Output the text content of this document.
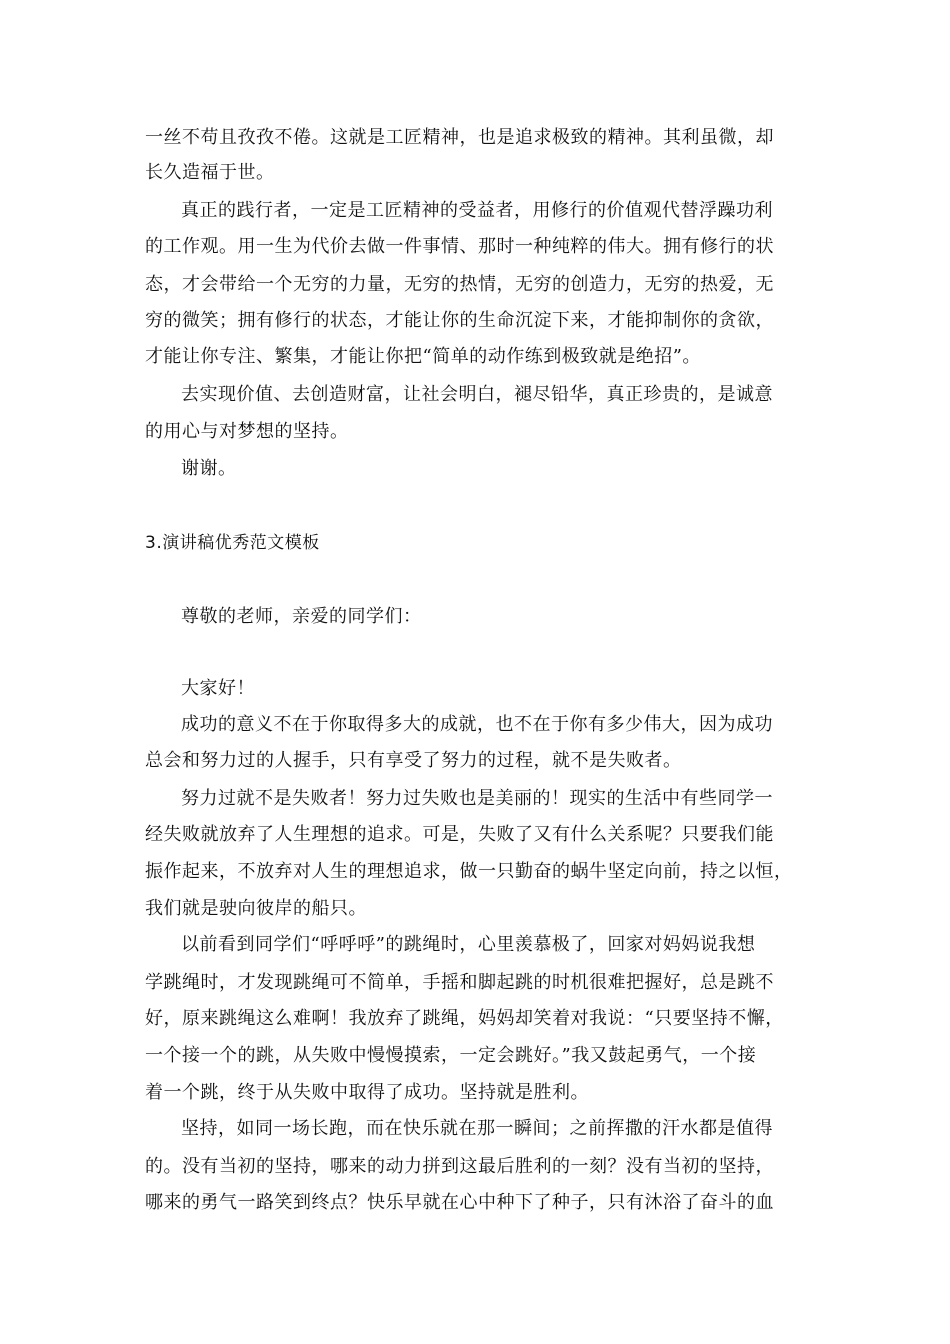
一丝不苟且孜孜不倦。这就是工匠精神，也是追求极致的精神。其利虽微，却
长久造福于世。
真正的践行者，一定是工匠精神的受益者，用修行的价值观代替浮躁功利
的工作观。用一生为代价去做一件事情、那时一种纯粹的伟大。拥有修行的状
态，才会带给一个无穷的力量，无穷的热情，无穷的创造力，无穷的热爱，无
穷的微笑；拥有修行的状态，才能让你的生命沉淀下来，才能抑制你的贪欲，
才能让你专注、繁集，才能让你把“简单的动作练到极致就是绝招”。
去实现价值、去创造财富，让社会明白，褪尽铅华，真正珍贵的，是诚意
的用心与对梦想的坚持。
谢谢。
3.演讲稿优秀范文模板
尊敬的老师，亲爱的同学们：
大家好！
成功的意义不在于你取得多大的成就，也不在于你有多少伟大，因为成功
总会和努力过的人握手，只有享受了努力的过程，就不是失败者。
努力过就不是失败者！努力过失败也是美丽的！现实的生活中有些同学一
经失败就放弃了人生理想的追求。可是，失败了又有什么关系呢？只要我们能
振作起来，不放弃对人生的理想追求，做一只勤奋的蜗牛坚定向前，持之以恒，
我们就是驶向彼岸的船只。
以前看到同学们“呼呼呼”的跳绳时，心里羡慕极了，回家对妈妈说我想
学跳绳时，才发现跳绳可不简单，手摇和脚起跳的时机很难把握好，总是跳不
好，原来跳绳这么难啊！我放弃了跳绳，妈妈却笑着对我说：“只要坚持不懈，
一个接一个的跳，从失败中慢慢摸索，一定会跳好。”我又鼓起勇气，一个接
着一个跳，终于从失败中取得了成功。坚持就是胜利。
坚持，如同一场长跑，而在快乐就在那一瞬间；之前挥撒的汗水都是值得
的。没有当初的坚持，哪来的动力拼到这最后胜利的一刻？没有当初的坚持，
哪来的勇气一路笑到终点？快乐早就在心中种下了种子，只有沐浴了奋斗的血
